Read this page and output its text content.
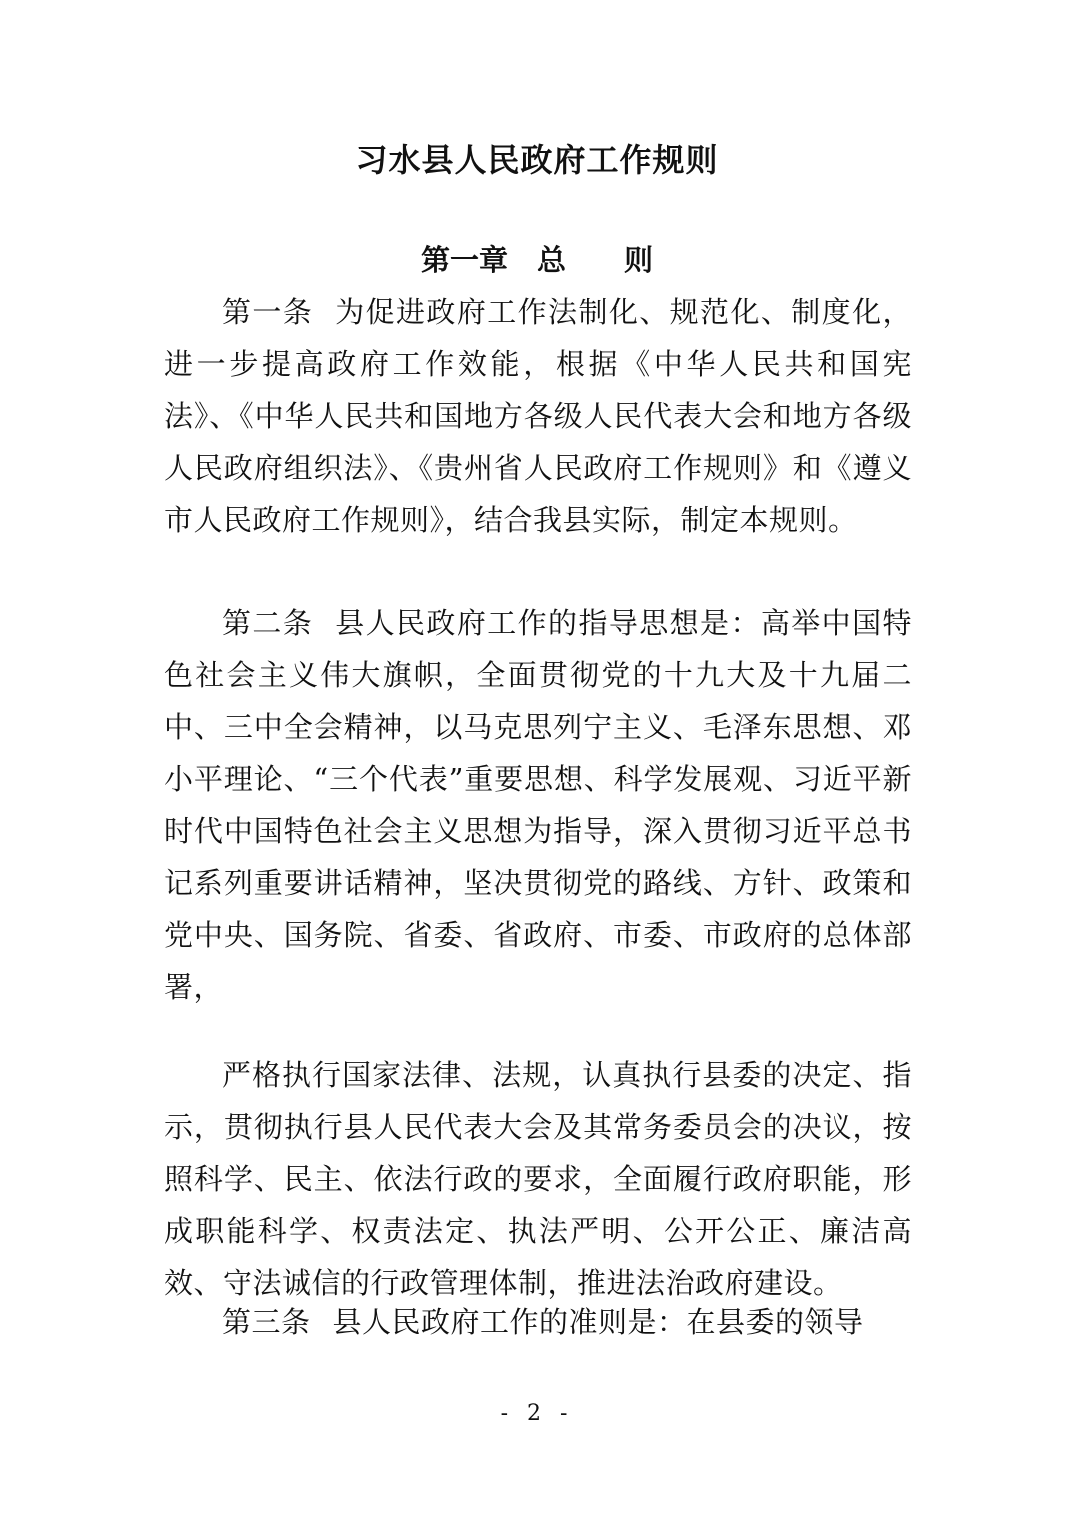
习水县人民政府工作规则
第一章　总　　则

第一条 为促进政府工作法制化、规范化、制度化，进一步提高政府工作效能，根据《中华人民共和国宪法》、《中华人民共和国地方各级人民代表大会和地方各级人民政府组织法》、《贵州省人民政府工作规则》和《遵义市人民政府工作规则》，结合我县实际，制定本规则。

第二条 县人民政府工作的指导思想是：高举中国特色社会主义伟大旗帜，全面贯彻党的十九大及十九届二中、三中全会精神，以马克思列宁主义、毛泽东思想、邓小平理论、“三个代表”重要思想、科学发展观、习近平新时代中国特色社会主义思想为指导，深入贯彻习近平总书记系列重要讲话精神，坚决贯彻党的路线、方针、政策和党中央、国务院、省委、省政府、市委、市政府的总体部署，

严格执行国家法律、法规，认真执行县委的决定、指示，贯彻执行县人民代表大会及其常务委员会的决议，按照科学、民主、依法行政的要求，全面履行政府职能，形成职能科学、权责法定、执法严明、公开公正、廉洁高效、守法诚信的行政管理体制，推进法治政府建设。

第三条 县人民政府工作的准则是：在县委的领导

- 2 -
